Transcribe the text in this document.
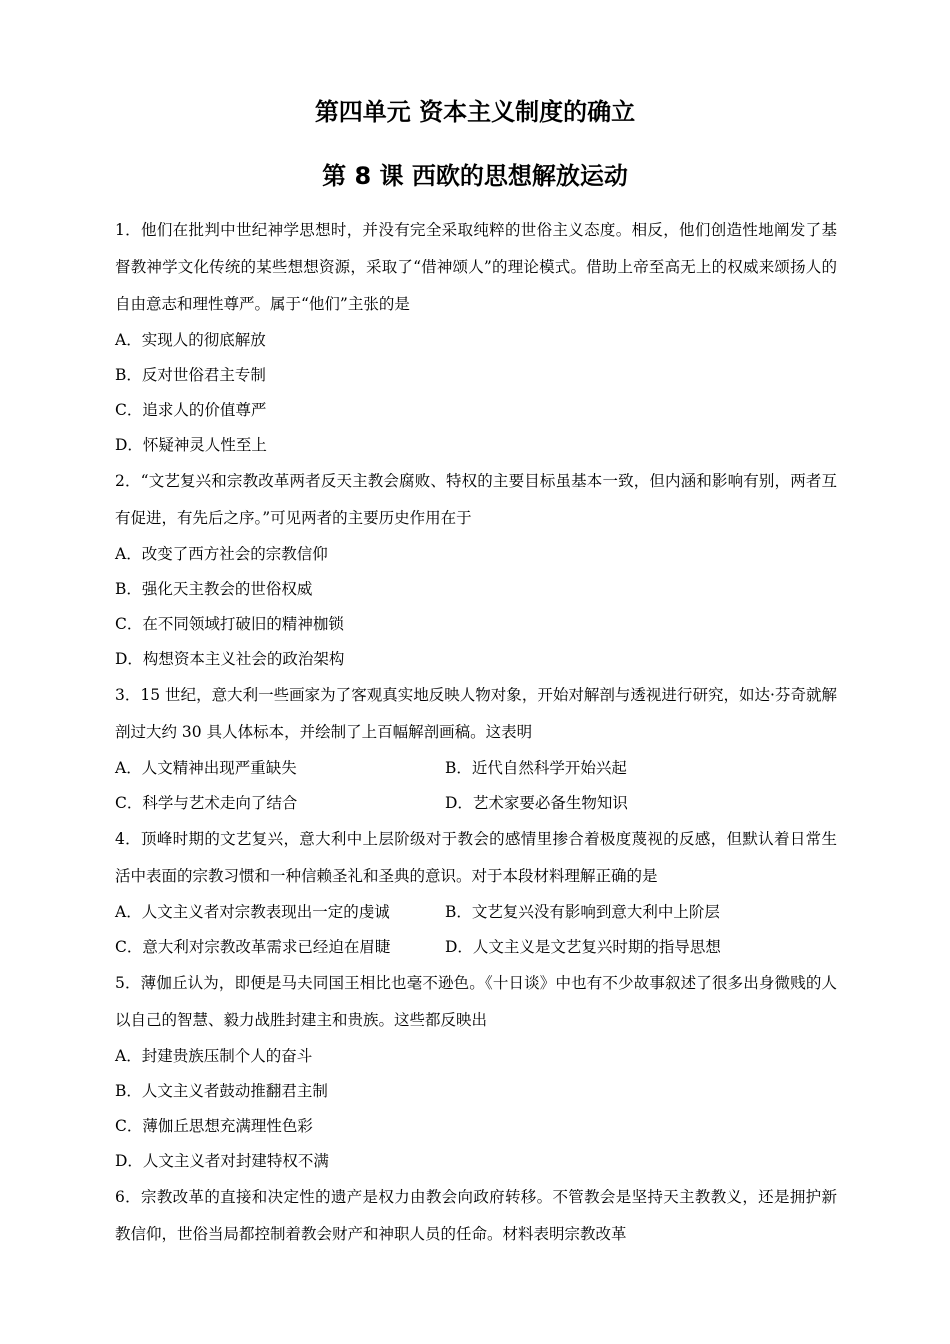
第四单元 资本主义制度的确立
第 8 课 西欧的思想解放运动

1．他们在批判中世纪神学思想时，并没有完全采取纯粹的世俗主义态度。相反，他们创造性地阐发了基督教神学文化传统的某些想想资源，采取了“借神颂人”的理论模式。借助上帝至高无上的权威来颂扬人的自由意志和理性尊严。属于“他们”主张的是

A．实现人的彻底解放

B．反对世俗君主专制

C．追求人的价值尊严

D．怀疑神灵人性至上

2．“文艺复兴和宗教改革两者反天主教会腐败、特权的主要目标虽基本一致，但内涵和影响有别，两者互有促进，有先后之序。”可见两者的主要历史作用在于

A．改变了西方社会的宗教信仰

B．强化天主教会的世俗权威

C．在不同领域打破旧的精神枷锁

D．构想资本主义社会的政治架构

3．15 世纪，意大利一些画家为了客观真实地反映人物对象，开始对解剖与透视进行研究，如达·芬奇就解剖过大约 30 具人体标本，并绘制了上百幅解剖画稿。这表明

A．人文精神出现严重缺失	B．近代自然科学开始兴起
C．科学与艺术走向了结合	D．艺术家要必备生物知识

4．顶峰时期的文艺复兴，意大利中上层阶级对于教会的感情里掺合着极度蔑视的反感，但默认着日常生活中表面的宗教习惯和一种信赖圣礼和圣典的意识。对于本段材料理解正确的是

A．人文主义者对宗教表现出一定的虔诚	B．文艺复兴没有影响到意大利中上阶层
C．意大利对宗教改革需求已经迫在眉睫	D．人文主义是文艺复兴时期的指导思想

5．薄伽丘认为，即便是马夫同国王相比也毫不逊色。《十日谈》中也有不少故事叙述了很多出身微贱的人以自己的智慧、毅力战胜封建主和贵族。这些都反映出

A．封建贵族压制个人的奋斗

B．人文主义者鼓动推翻君主制

C．薄伽丘思想充满理性色彩

D．人文主义者对封建特权不满

6．宗教改革的直接和决定性的遗产是权力由教会向政府转移。不管教会是坚持天主教教义，还是拥护新教信仰，世俗当局都控制着教会财产和神职人员的任命。材料表明宗教改革
